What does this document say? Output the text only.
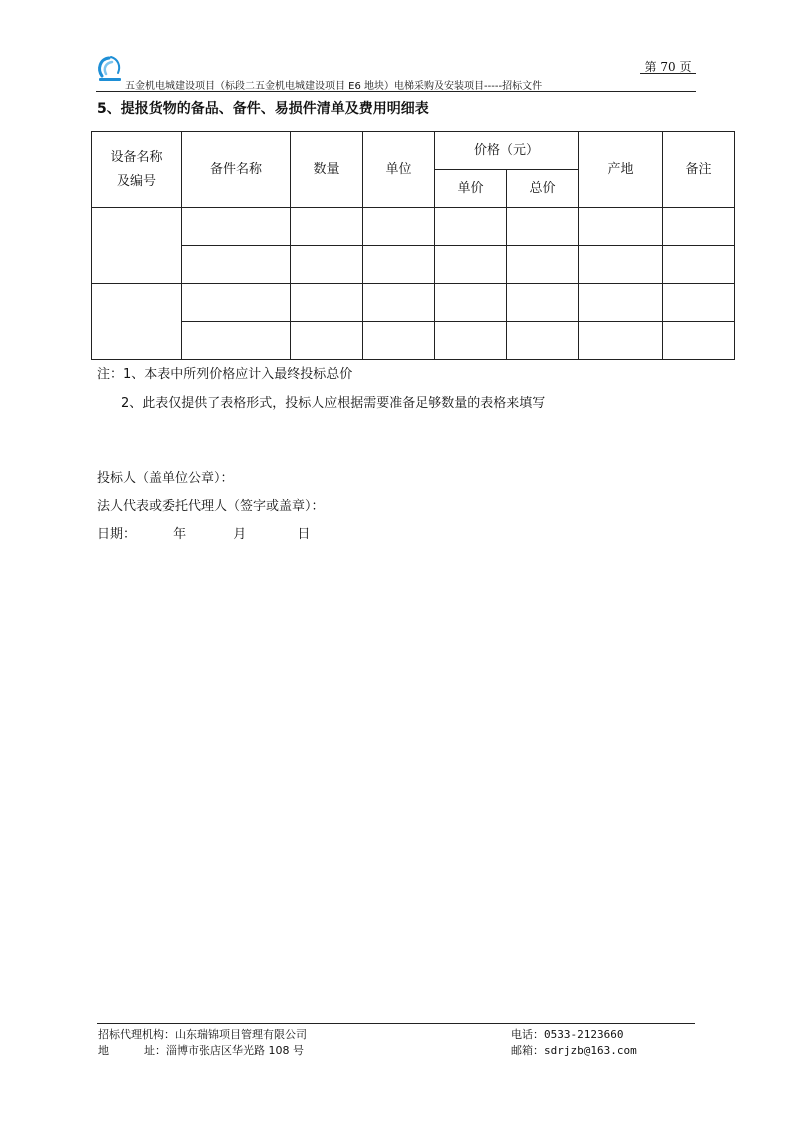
第 70 页
五金机电城建设项目（标段二五金机电城建设项目 E6 地块）电梯采购及安装项目-----招标文件
5、提报货物的备品、备件、易损件清单及费用明细表
设备名称及编号	备件名称	数量	单位	价格（元）		产地	备注
				单价	总价		

注：1、本表中所列价格应计入最终投标总价
2、此表仅提供了表格形式，投标人应根据需要准备足够数量的表格来填写
投标人（盖单位公章）：
法人代表或委托代理人（签字或盖章）：
日期：	年	月	日
招标代理机构：山东瑞锦项目管理有限公司
地	址：淄博市张店区华光路 108 号
电话：0533-2123660
邮箱：sdrjzb@163.com
